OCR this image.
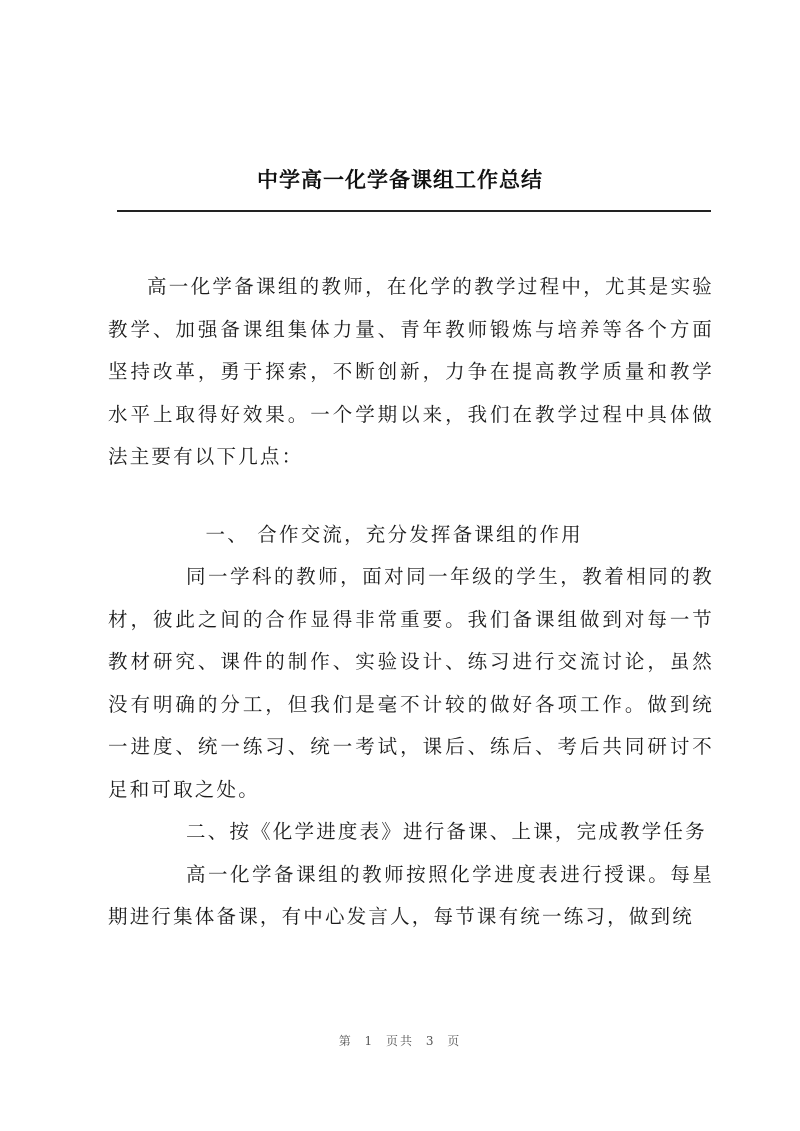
中学高一化学备课组工作总结

高一化学备课组的教师，在化学的教学过程中，尤其是实验教学、加强备课组集体力量、青年教师锻炼与培养等各个方面坚持改革，勇于探索，不断创新，力争在提高教学质量和教学水平上取得好效果。一个学期以来，我们在教学过程中具体做法主要有以下几点：

一、 合作交流，充分发挥备课组的作用

同一学科的教师，面对同一年级的学生，教着相同的教材，彼此之间的合作显得非常重要。我们备课组做到对每一节教材研究、课件的制作、实验设计、练习进行交流讨论，虽然没有明确的分工，但我们是毫不计较的做好各项工作。做到统一进度、统一练习、统一考试，课后、练后、考后共同研讨不足和可取之处。

二、按《化学进度表》进行备课、上课，完成教学任务

高一化学备课组的教师按照化学进度表进行授课。每星期进行集体备课，有中心发言人，每节课有统一练习，做到统

第 1 页共 3 页
